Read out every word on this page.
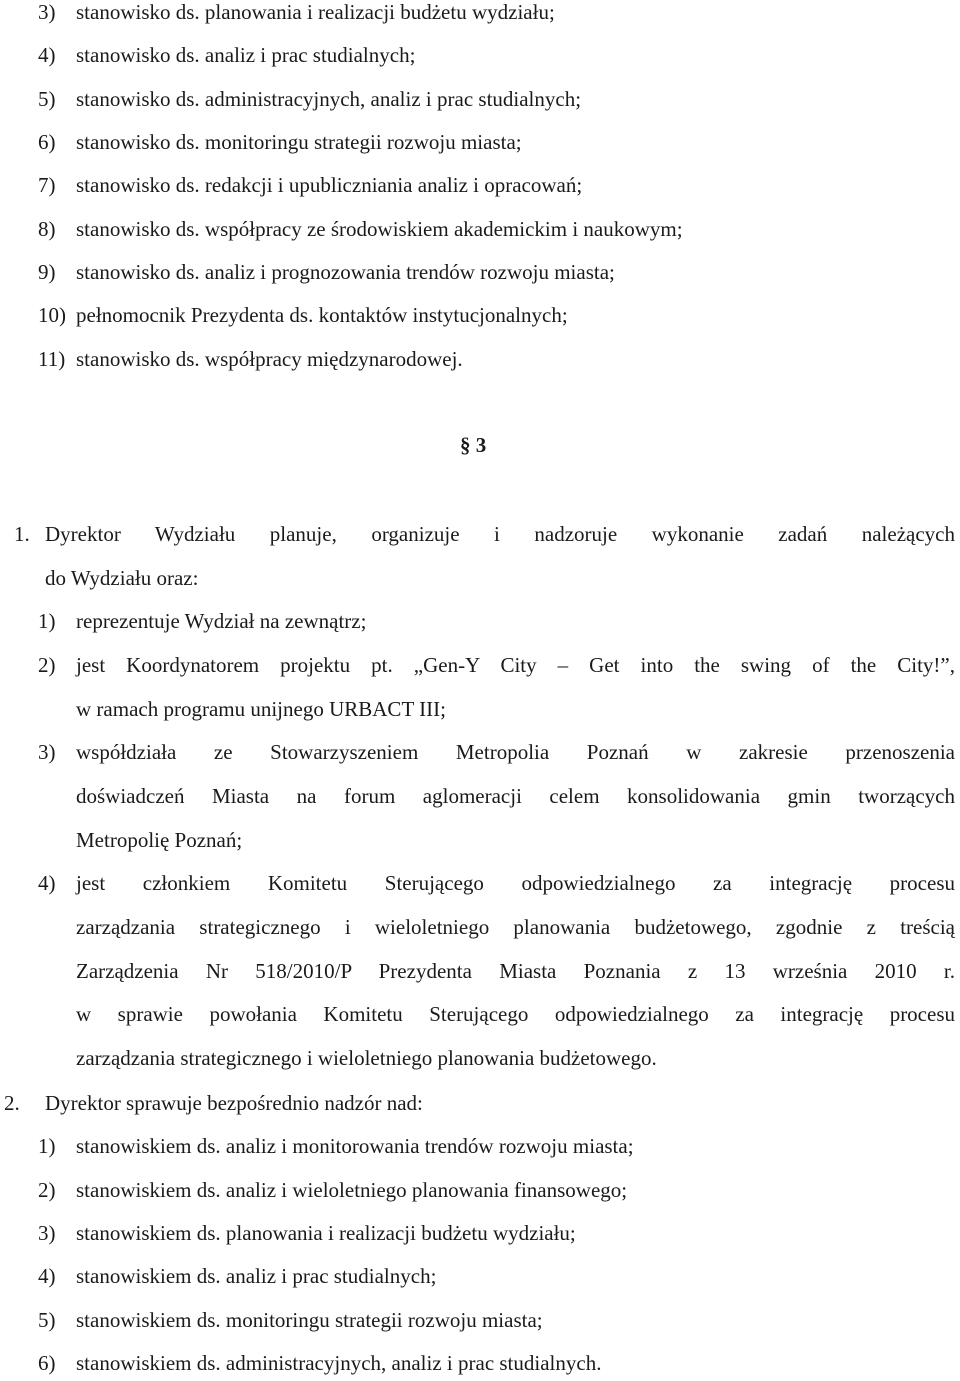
3) stanowisko ds. planowania i realizacji budżetu wydziału;
4) stanowisko ds. analiz i prac studialnych;
5) stanowisko ds. administracyjnych, analiz i prac studialnych;
6) stanowisko ds. monitoringu strategii rozwoju miasta;
7) stanowisko ds. redakcji i upubliczniania analiz i opracowań;
8) stanowisko ds. współpracy ze środowiskiem akademickim i naukowym;
9) stanowisko ds. analiz i prognozowania trendów rozwoju miasta;
10) pełnomocnik Prezydenta ds. kontaktów instytucjonalnych;
11) stanowisko ds. współpracy międzynarodowej.
§ 3
1. Dyrektor Wydziału planuje, organizuje i nadzoruje wykonanie zadań należących
do Wydziału oraz:
1) reprezentuje Wydział na zewnątrz;
2) jest Koordynatorem projektu pt. „Gen-Y City – Get into the swing of the City!”,
w ramach programu unijnego URBACT III;
3) współdziała ze Stowarzyszeniem Metropolia Poznań w zakresie przenoszenia
doświadczeń Miasta na forum aglomeracji celem konsolidowania gmin tworzących
Metropolię Poznań;
4) jest członkiem Komitetu Sterującego odpowiedzialnego za integrację procesu
zarządzania strategicznego i wieloletniego planowania budżetowego, zgodnie z treścią
Zarządzenia Nr 518/2010/P Prezydenta Miasta Poznania z 13 września 2010 r.
w sprawie powołania Komitetu Sterującego odpowiedzialnego za integrację procesu
zarządzania strategicznego i wieloletniego planowania budżetowego.
2. Dyrektor sprawuje bezpośrednio nadzór nad:
1) stanowiskiem ds. analiz i monitorowania trendów rozwoju miasta;
2) stanowiskiem ds. analiz i wieloletniego planowania finansowego;
3) stanowiskiem ds. planowania i realizacji budżetu wydziału;
4) stanowiskiem ds. analiz i prac studialnych;
5) stanowiskiem ds. monitoringu strategii rozwoju miasta;
6) stanowiskiem ds. administracyjnych, analiz i prac studialnych.
